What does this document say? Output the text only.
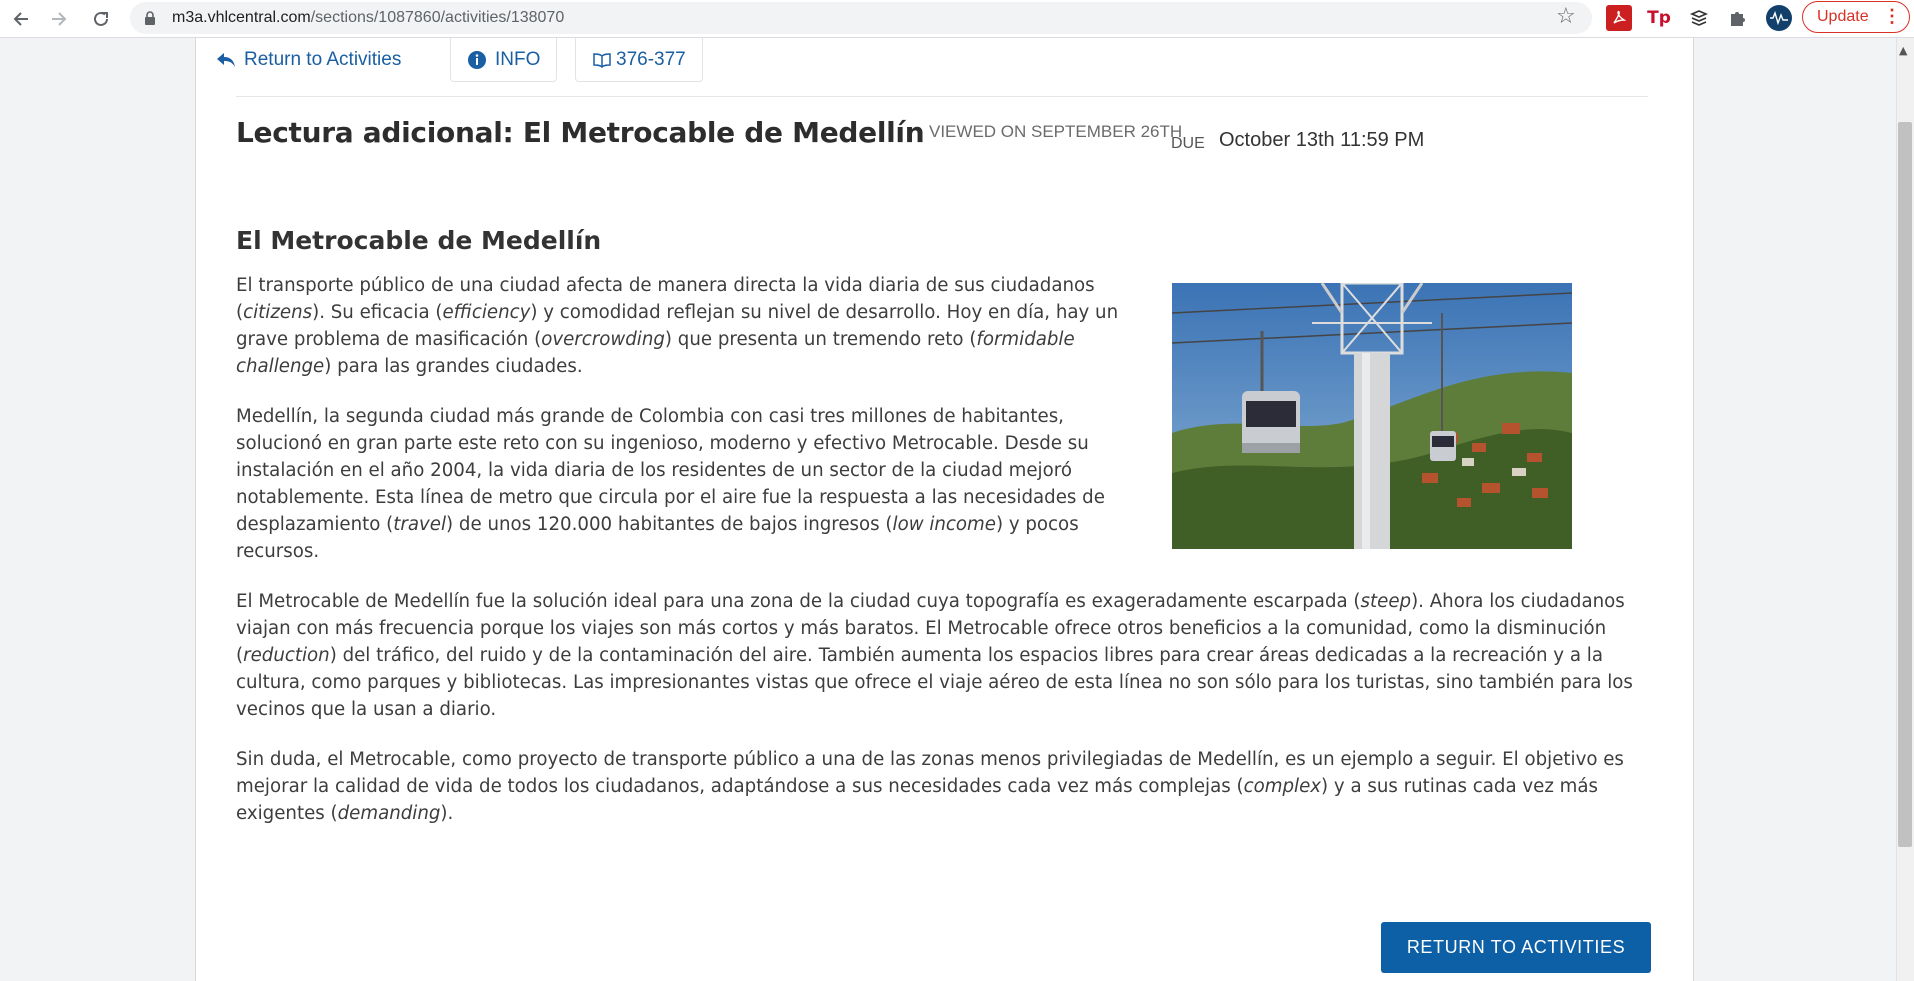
m3a.vhlcentral.com/sections/1087860/activities/138070	☆	Tp	Update ⋮
Return to Activities	INFO	376-377
Lectura adicional: El Metrocable de Medellín VIEWED ON SEPTEMBER 26TH
DUE October 13th 11:59 PM
El Metrocable de Medellín

El transporte público de una ciudad afecta de manera directa la vida diaria de sus ciudadanos (citizens). Su eficacia (efficiency) y comodidad reflejan su nivel de desarrollo. Hoy en día, hay un grave problema de masificación (overcrowding) que presenta un tremendo reto (formidable challenge) para las grandes ciudades.

Medellín, la segunda ciudad más grande de Colombia con casi tres millones de habitantes, solucionó en gran parte este reto con su ingenioso, moderno y efectivo Metrocable. Desde su instalación en el año 2004, la vida diaria de los residentes de un sector de la ciudad mejoró notablemente. Esta línea de metro que circula por el aire fue la respuesta a las necesidades de desplazamiento (travel) de unos 120.000 habitantes de bajos ingresos (low income) y pocos recursos.

El Metrocable de Medellín fue la solución ideal para una zona de la ciudad cuya topografía es exageradamente escarpada (steep). Ahora los ciudadanos viajan con más frecuencia porque los viajes son más cortos y más baratos. El Metrocable ofrece otros beneficios a la comunidad, como la disminución (reduction) del tráfico, del ruido y de la contaminación del aire. También aumenta los espacios libres para crear áreas dedicadas a la recreación y a la cultura, como parques y bibliotecas. Las impresionantes vistas que ofrece el viaje aéreo de esta línea no son sólo para los turistas, sino también para los vecinos que la usan a diario.

Sin duda, el Metrocable, como proyecto de transporte público a una de las zonas menos privilegiadas de Medellín, es un ejemplo a seguir. El objetivo es mejorar la calidad de vida de todos los ciudadanos, adaptándose a sus necesidades cada vez más complejas (complex) y a sus rutinas cada vez más exigentes (demanding).

RETURN TO ACTIVITIES
▲
